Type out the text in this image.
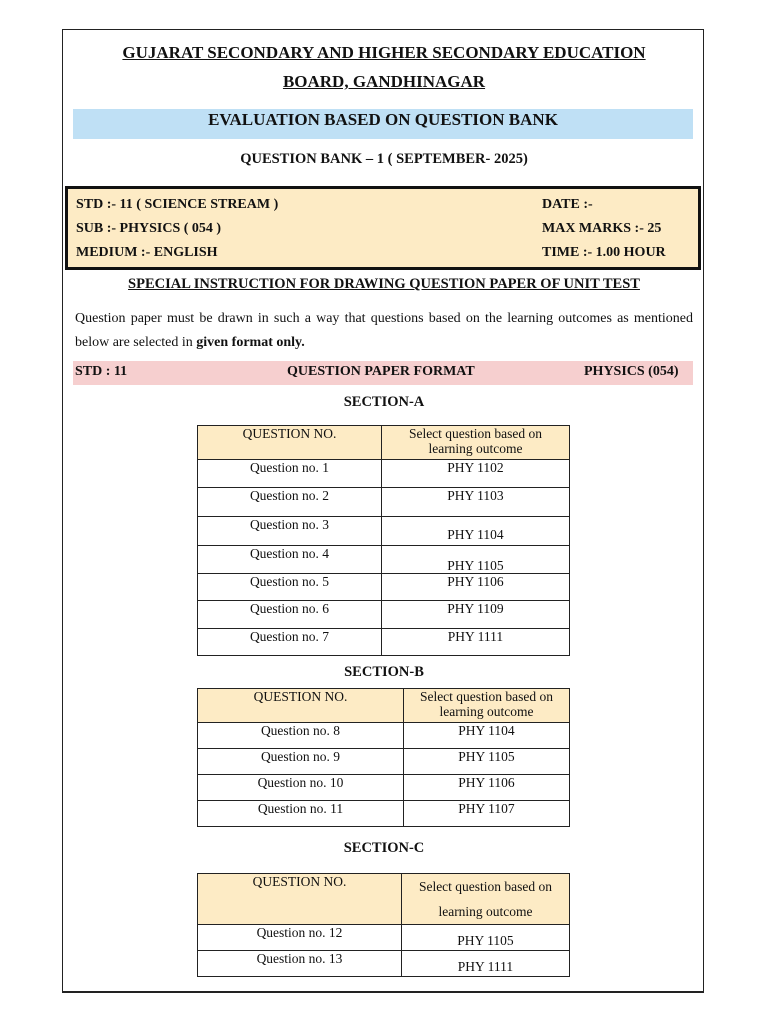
GUJARAT SECONDARY AND HIGHER SECONDARY EDUCATION
BOARD, GANDHINAGAR
EVALUATION BASED ON QUESTION BANK
QUESTION BANK – 1 ( SEPTEMBER- 2025)
STD :- 11 ( SCIENCE STREAM )
SUB :- PHYSICS ( 054 )
MEDIUM :- ENGLISH
DATE :-
MAX MARKS :- 25
TIME :- 1.00 HOUR
SPECIAL INSTRUCTION FOR DRAWING QUESTION PAPER OF UNIT TEST
Question paper must be drawn in such a way that questions based on the learning outcomes as mentioned below are selected in given format only.
STD : 11	QUESTION PAPER FORMAT	PHYSICS (054)
SECTION-A
QUESTION NO.	Select question based on learning outcome
Question no. 1	PHY 1102
Question no. 2	PHY 1103
Question no. 3	PHY 1104
Question no. 4	PHY 1105
Question no. 5	PHY 1106
Question no. 6	PHY 1109
Question no. 7	PHY 1111
SECTION-B
QUESTION NO.	Select question based on learning outcome
Question no. 8	PHY 1104
Question no. 9	PHY 1105
Question no. 10	PHY 1106
Question no. 11	PHY 1107
SECTION-C
QUESTION NO.	Select question based on learning outcome
Question no. 12	PHY 1105
Question no. 13	PHY 1111
